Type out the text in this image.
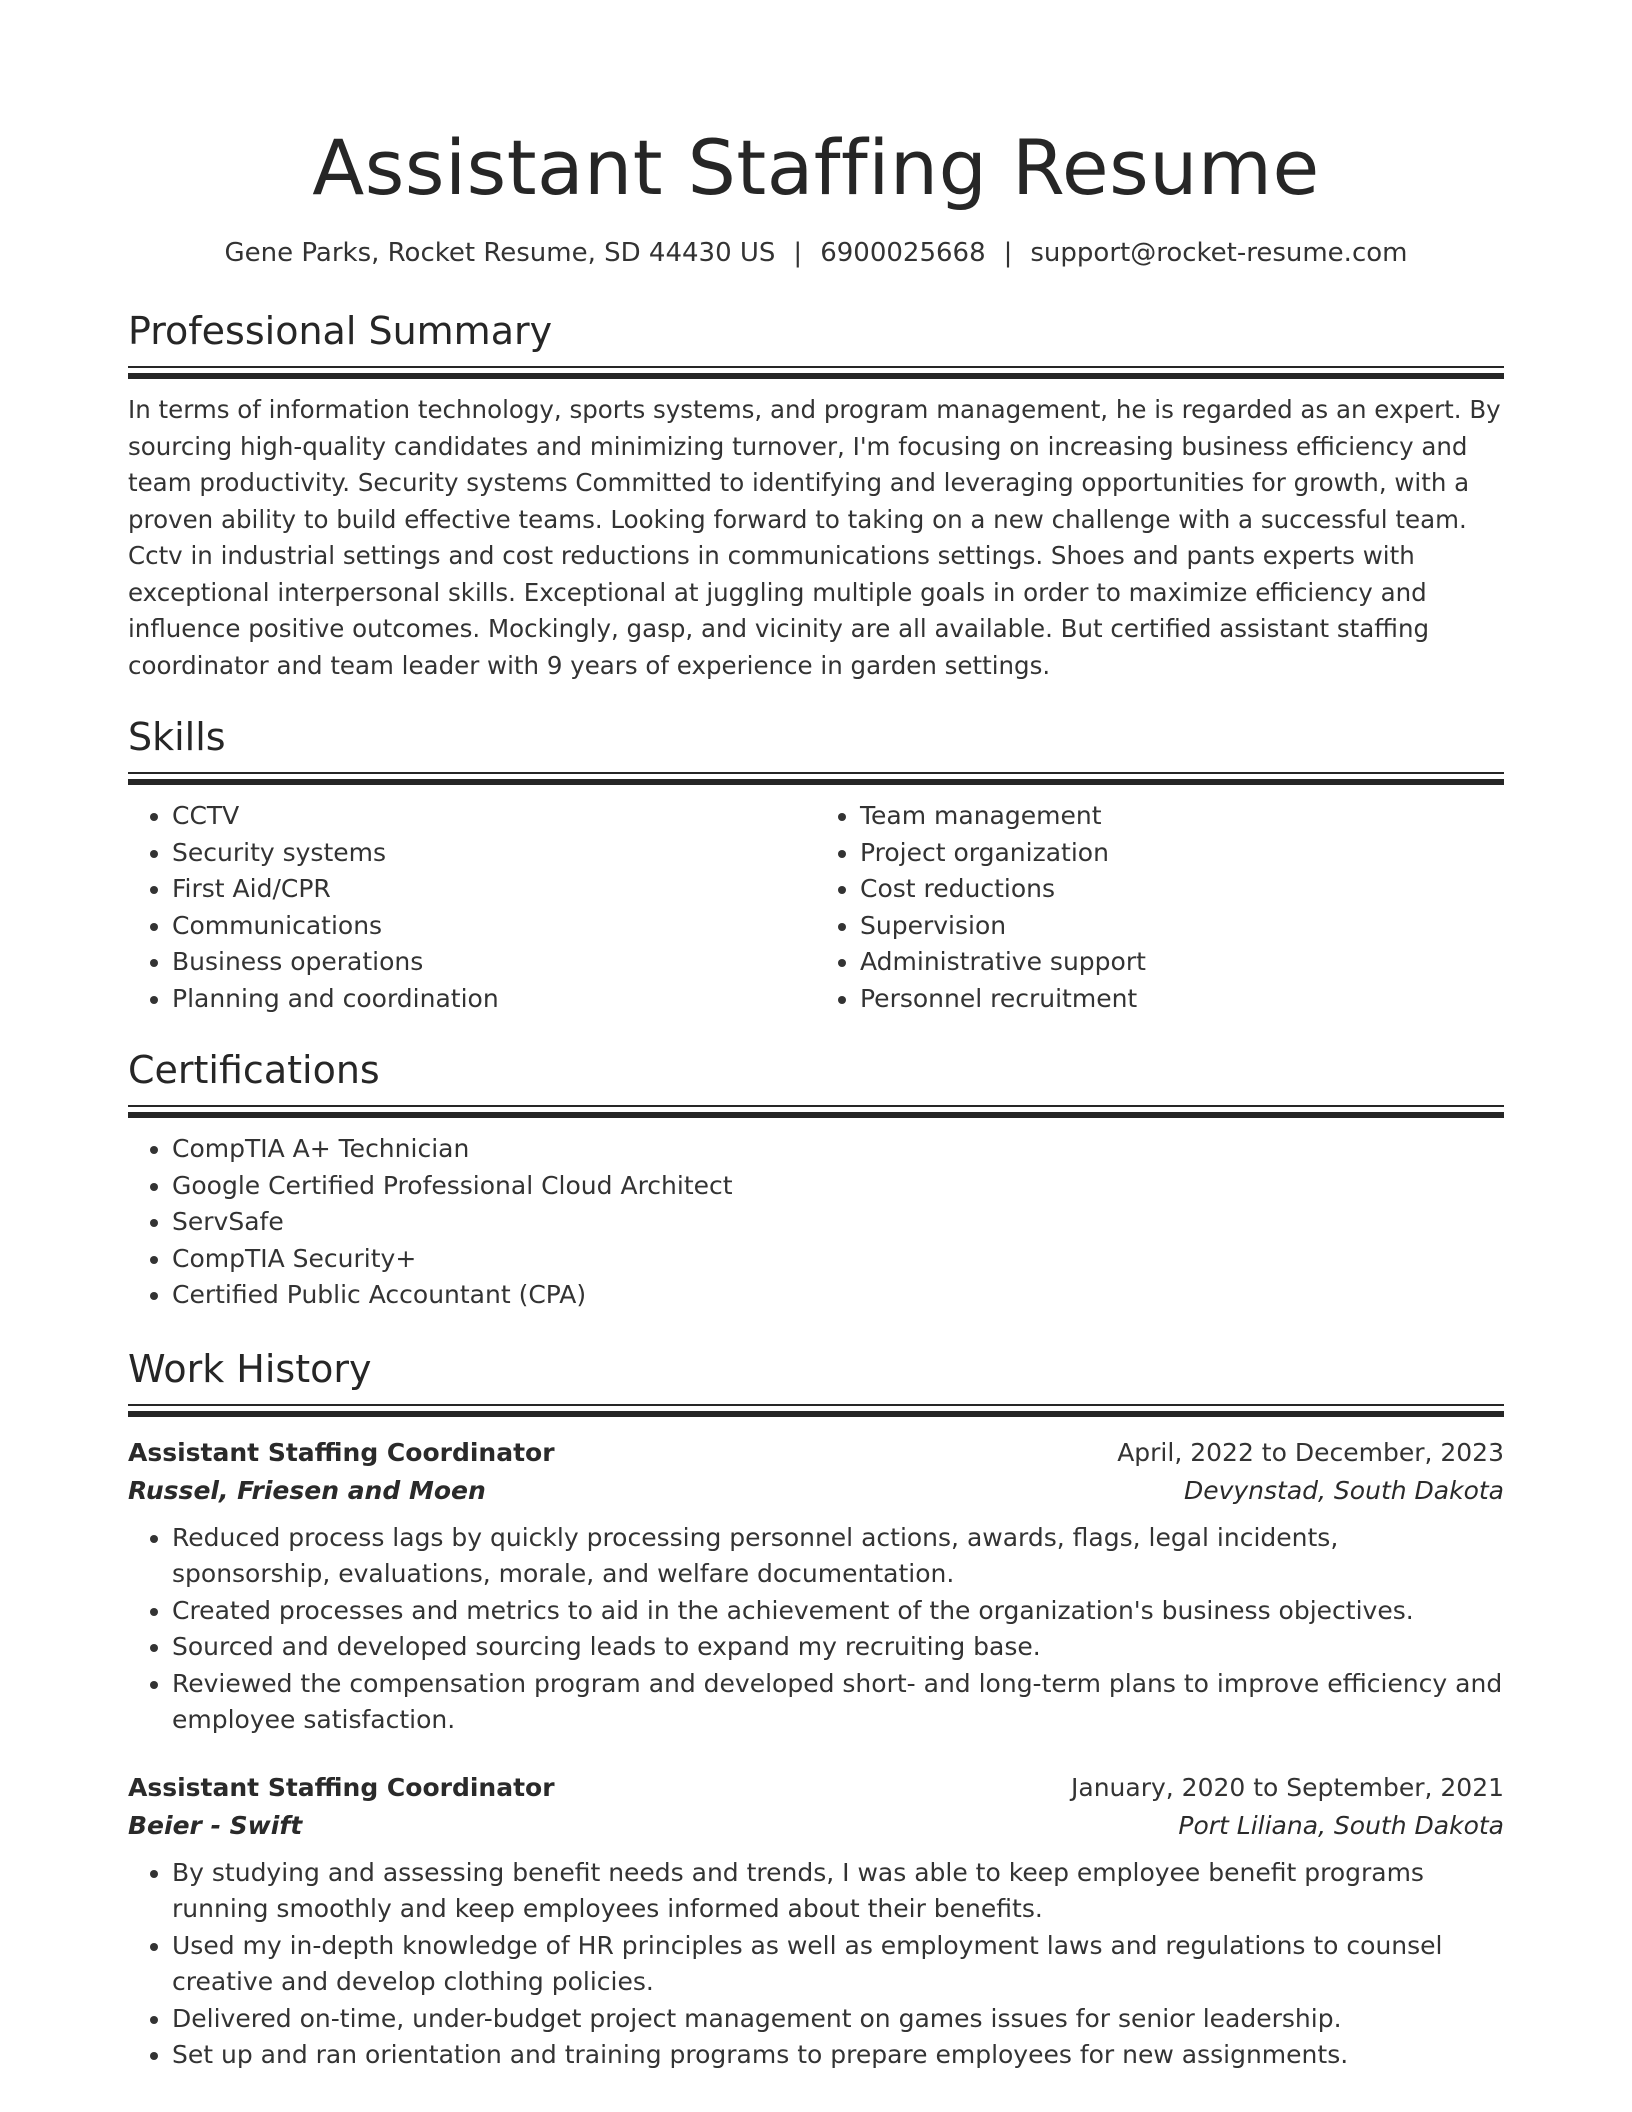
Assistant Staffing Resume
Gene Parks, Rocket Resume, SD 44430 US | 6900025668 | support@rocket-resume.com
Professional Summary

In terms of information technology, sports systems, and program management, he is regarded as an expert. By sourcing high-quality candidates and minimizing turnover, I'm focusing on increasing business efficiency and team productivity. Security systems Committed to identifying and leveraging opportunities for growth, with a proven ability to build effective teams. Looking forward to taking on a new challenge with a successful team. Cctv in industrial settings and cost reductions in communications settings. Shoes and pants experts with exceptional interpersonal skills. Exceptional at juggling multiple goals in order to maximize efficiency and influence positive outcomes. Mockingly, gasp, and vicinity are all available. But certified assistant staffing coordinator and team leader with 9 years of experience in garden settings.

Skills
• CCTV
• Security systems
• First Aid/CPR
• Communications
• Business operations
• Planning and coordination
• Team management
• Project organization
• Cost reductions
• Supervision
• Administrative support
• Personnel recruitment
Certifications
• CompTIA A+ Technician
• Google Certified Professional Cloud Architect
• ServSafe
• CompTIA Security+
• Certified Public Accountant (CPA)
Work History
Assistant Staffing Coordinator	April, 2022 to December, 2023
Russel, Friesen and Moen	Devynstad, South Dakota
• Reduced process lags by quickly processing personnel actions, awards, flags, legal incidents, sponsorship, evaluations, morale, and welfare documentation.
• Created processes and metrics to aid in the achievement of the organization's business objectives.
• Sourced and developed sourcing leads to expand my recruiting base.
• Reviewed the compensation program and developed short- and long-term plans to improve efficiency and employee satisfaction.
Assistant Staffing Coordinator	January, 2020 to September, 2021
Beier - Swift	Port Liliana, South Dakota
• By studying and assessing benefit needs and trends, I was able to keep employee benefit programs running smoothly and keep employees informed about their benefits.
• Used my in-depth knowledge of HR principles as well as employment laws and regulations to counsel creative and develop clothing policies.
• Delivered on-time, under-budget project management on games issues for senior leadership.
• Set up and ran orientation and training programs to prepare employees for new assignments.
